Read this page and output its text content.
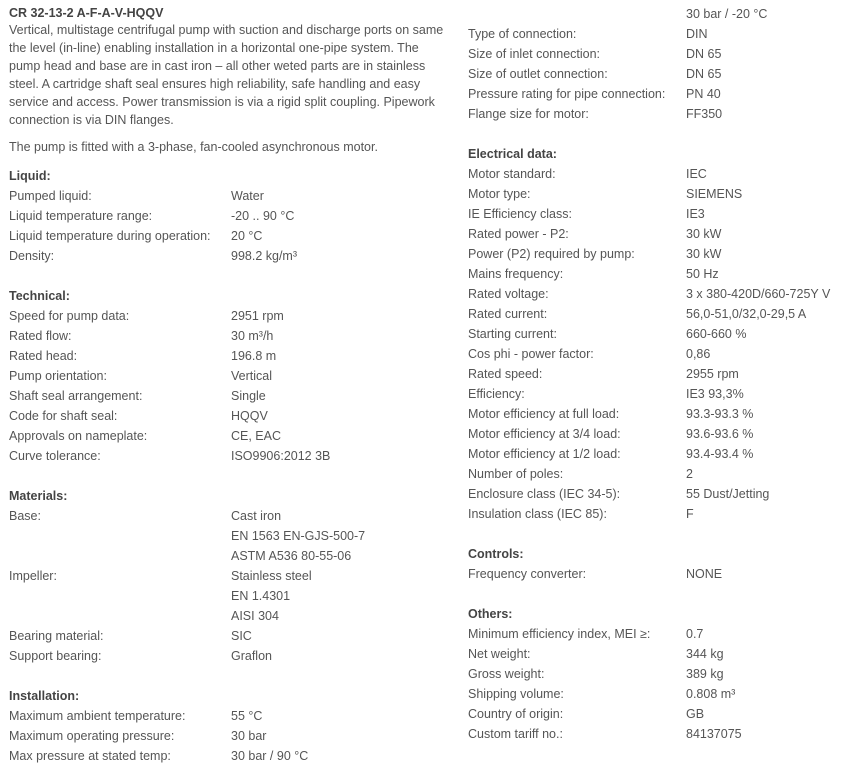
CR 32-13-2 A-F-A-V-HQQV

Vertical, multistage centrifugal pump with suction and discharge ports on same the level (in-line) enabling installation in a horizontal one-pipe system. The pump head and base are in cast iron – all other weted parts are in stainless steel. A cartridge shaft seal ensures high reliability, safe handling and easy service and access. Power transmission is via a rigid split coupling. Pipework connection is via DIN flanges.

The pump is fitted with a 3-phase, fan-cooled asynchronous motor.

Liquid:
Pumped liquid:	Water
Liquid temperature range:	-20 .. 90 °C
Liquid temperature during operation:	20 °C
Density:	998.2 kg/m³
Technical:
Speed for pump data:	2951 rpm
Rated flow:	30 m³/h
Rated head:	196.8 m
Pump orientation:	Vertical
Shaft seal arrangement:	Single
Code for shaft seal:	HQQV
Approvals on nameplate:	CE, EAC
Curve tolerance:	ISO9906:2012 3B
Materials:
Base:	Cast iron
EN 1563 EN-GJS-500-7
ASTM A536 80-55-06
Impeller:	Stainless steel
EN 1.4301
AISI 304
Bearing material:	SIC
Support bearing:	Graflon
Installation:
Maximum ambient temperature:	55 °C
Maximum operating pressure:	30 bar
Max pressure at stated temp:	30 bar / 90 °C
30 bar / -20 °C
Type of connection:	DIN
Size of inlet connection:	DN 65
Size of outlet connection:	DN 65
Pressure rating for pipe connection:	PN 40
Flange size for motor:	FF350
Electrical data:
Motor standard:	IEC
Motor type:	SIEMENS
IE Efficiency class:	IE3
Rated power - P2:	30 kW
Power (P2) required by pump:	30 kW
Mains frequency:	50 Hz
Rated voltage:	3 x 380-420D/660-725Y V
Rated current:	56,0-51,0/32,0-29,5 A
Starting current:	660-660 %
Cos phi - power factor:	0,86
Rated speed:	2955 rpm
Efficiency:	IE3 93,3%
Motor efficiency at full load:	93.3-93.3 %
Motor efficiency at 3/4 load:	93.6-93.6 %
Motor efficiency at 1/2 load:	93.4-93.4 %
Number of poles:	2
Enclosure class (IEC 34-5):	55 Dust/Jetting
Insulation class (IEC 85):	F
Controls:
Frequency converter:	NONE
Others:
Minimum efficiency index, MEI ≥:	0.7
Net weight:	344 kg
Gross weight:	389 kg
Shipping volume:	0.808 m³
Country of origin:	GB
Custom tariff no.:	84137075
